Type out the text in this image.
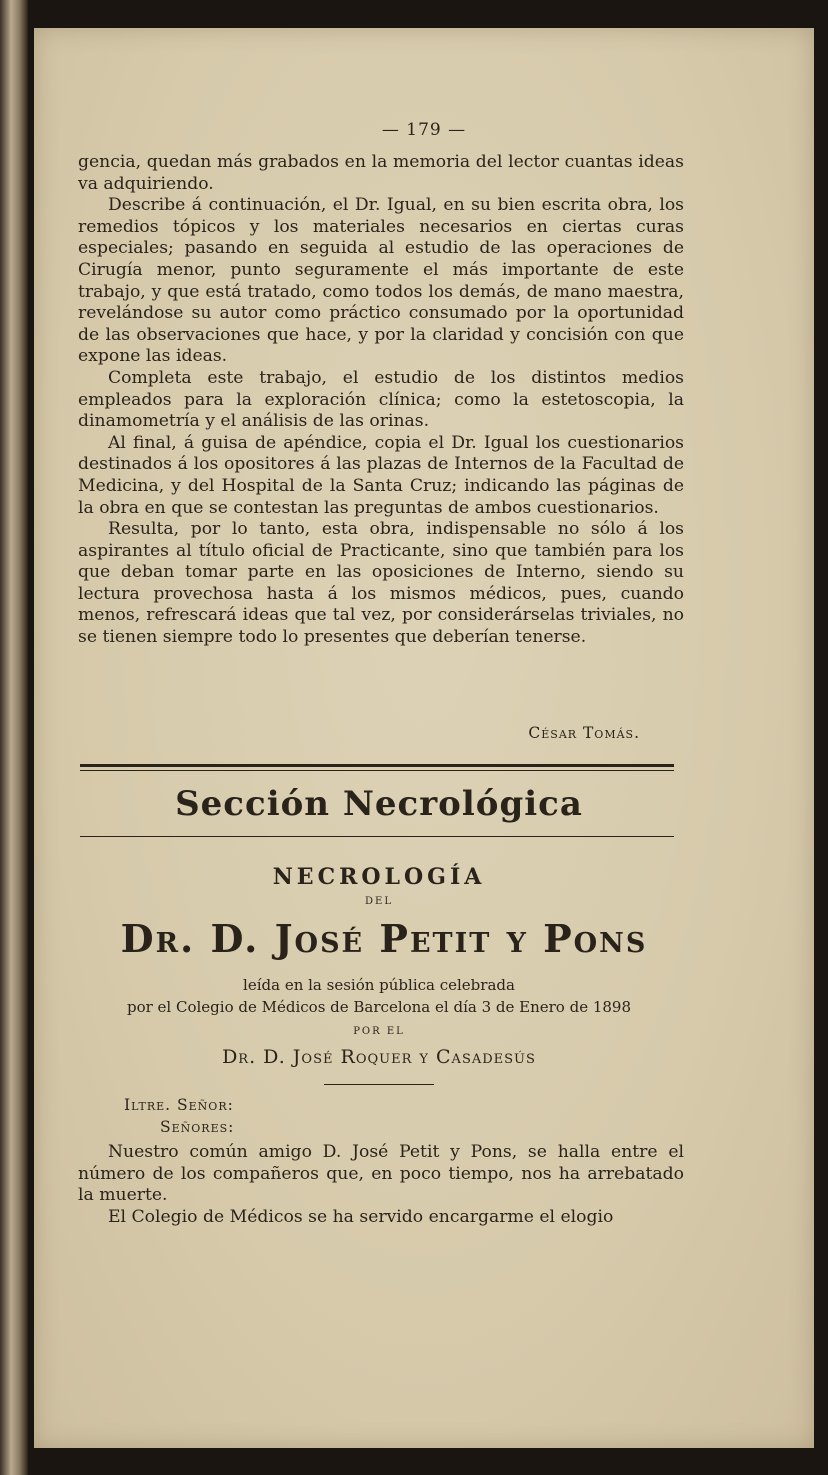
— 179 —

gencia, quedan más grabados en la memoria del lector cuantas ideas va adquiriendo.

Describe á continuación, el Dr. Igual, en su bien escrita obra, los remedios tópicos y los materiales necesarios en ciertas curas especiales; pasando en seguida al estudio de las operaciones de Cirugía menor, punto seguramente el más importante de este trabajo, y que está tratado, como todos los demás, de mano maestra, revelándose su autor como práctico consumado por la oportunidad de las observaciones que hace, y por la claridad y concisión con que expone las ideas.

Completa este trabajo, el estudio de los distintos medios empleados para la exploración clínica; como la estetoscopia, la dinamometría y el análisis de las orinas.

Al final, á guisa de apéndice, copia el Dr. Igual los cuestionarios destinados á los opositores á las plazas de Internos de la Facultad de Medicina, y del Hospital de la Santa Cruz; indicando las páginas de la obra en que se contestan las preguntas de ambos cuestionarios.

Resulta, por lo tanto, esta obra, indispensable no sólo á los aspirantes al título oficial de Practicante, sino que también para los que deban tomar parte en las oposiciones de Interno, siendo su lectura provechosa hasta á los mismos médicos, pues, cuando menos, refrescará ideas que tal vez, por considerárselas triviales, no se tienen siempre todo lo presentes que deberían tenerse.

César Tomás.
Sección Necrológica
NECROLOGÍA
DEL
Dr. D. José Petit y Pons
leída en la sesión pública celebrada
por el Colegio de Médicos de Barcelona el día 3 de Enero de 1898
POR EL
Dr. D. José Roquer y Casadesús
Iltre. Señor:
Señores:

Nuestro común amigo D. José Petit y Pons, se halla entre el número de los compañeros que, en poco tiempo, nos ha arrebatado la muerte.

El Colegio de Médicos se ha servido encargarme el elogio
